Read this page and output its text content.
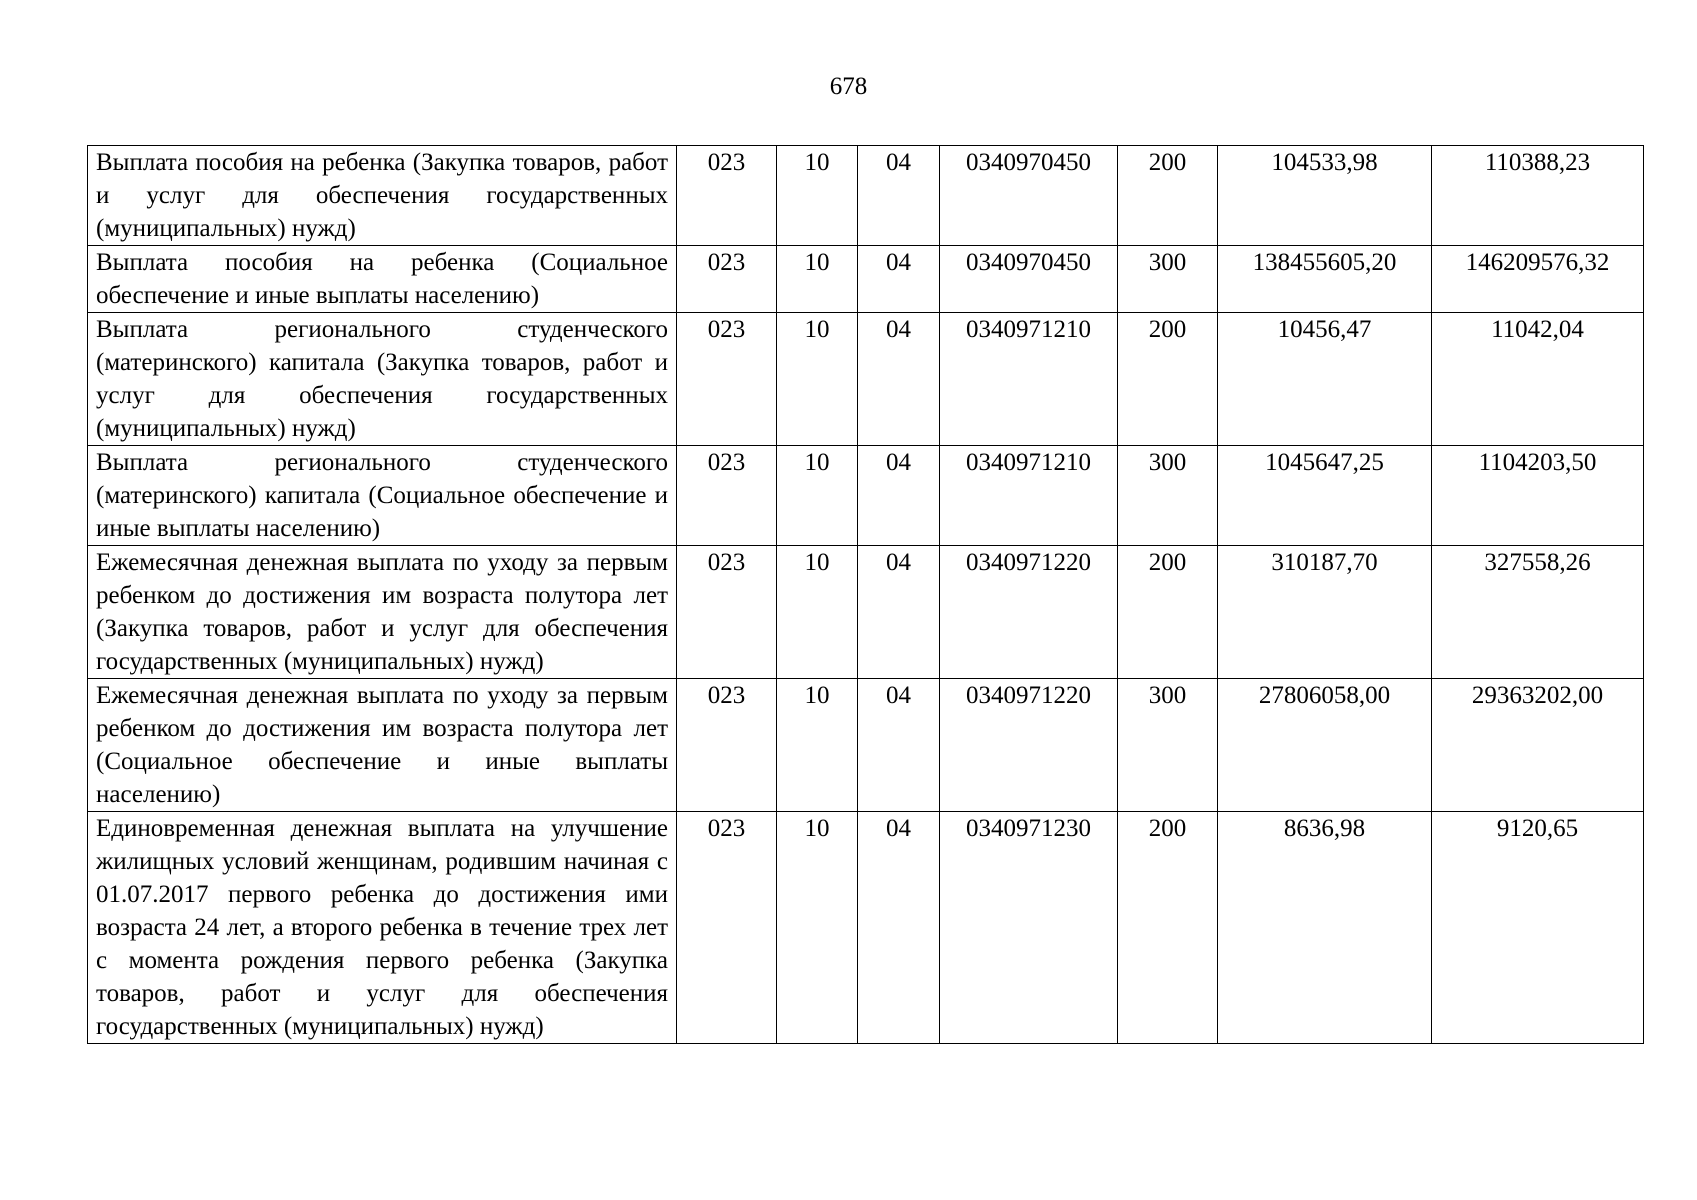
678
Выплата пособия на ребенка (Закупка товаров, работ и услуг для обеспечения государственных (муниципальных) нужд)	023	10	04	0340970450	200	104533,98	110388,23
Выплата пособия на ребенка (Социальное обеспечение и иные выплаты населению)	023	10	04	0340970450	300	138455605,20	146209576,32
Выплата регионального студенческого (материнского) капитала (Закупка товаров, работ и услуг для обеспечения государственных (муниципальных) нужд)	023	10	04	0340971210	200	10456,47	11042,04
Выплата регионального студенческого (материнского) капитала (Социальное обеспечение и иные выплаты населению)	023	10	04	0340971210	300	1045647,25	1104203,50
Ежемесячная денежная выплата по уходу за первым ребенком до достижения им возраста полутора лет (Закупка товаров, работ и услуг для обеспечения государственных (муниципальных) нужд)	023	10	04	0340971220	200	310187,70	327558,26
Ежемесячная денежная выплата по уходу за первым ребенком до достижения им возраста полутора лет (Социальное обеспечение и иные выплаты населению)	023	10	04	0340971220	300	27806058,00	29363202,00
Единовременная денежная выплата на улучшение жилищных условий женщинам, родившим начиная с 01.07.2017 первого ребенка до достижения ими возраста 24 лет, а второго ребенка в течение трех лет с момента рождения первого ребенка (Закупка товаров, работ и услуг для обеспечения государственных (муниципальных) нужд)	023	10	04	0340971230	200	8636,98	9120,65
